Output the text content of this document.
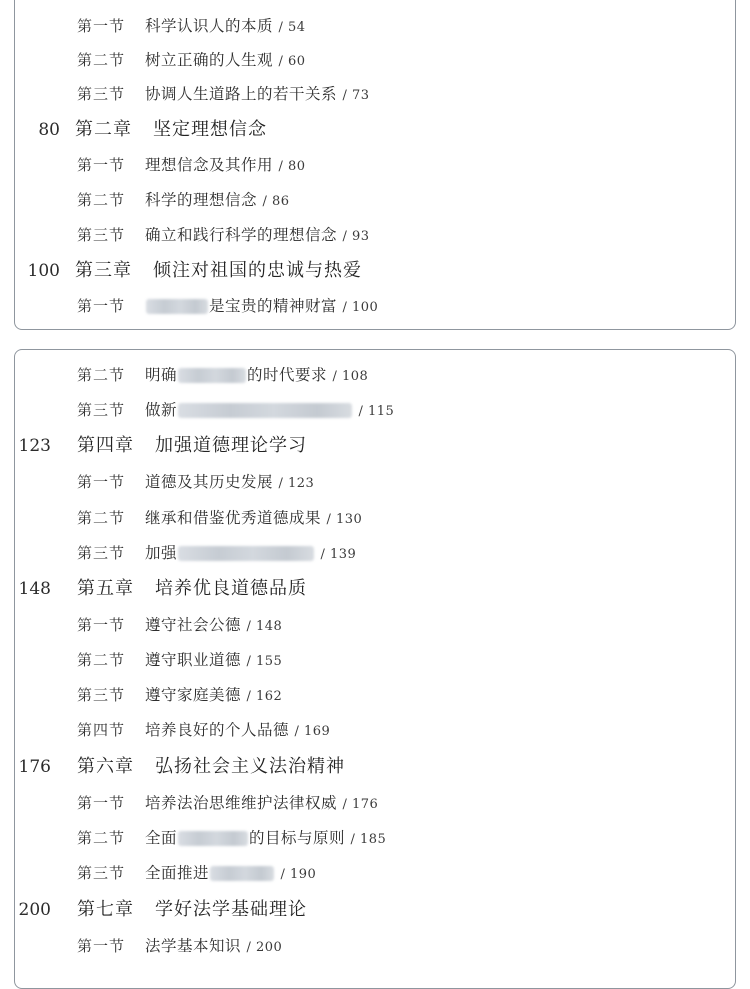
第一节 科学认识人的本质 / 54
第二节 树立正确的人生观 / 60
第三节 协调人生道路上的若干关系 / 73
80 第二章 坚定理想信念
第一节 理想信念及其作用 / 80
第二节 科学的理想信念 / 86
第三节 确立和践行科学的理想信念 / 93
100 第三章 倾注对祖国的忠诚与热爱
第一节	是宝贵的精神财富 / 100
第二节 明确	的时代要求 / 108
第三节 做新	/ 115
123 第四章 加强道德理论学习
第一节 道德及其历史发展 / 123
第二节 继承和借鉴优秀道德成果 / 130
第三节 加强	/ 139
148 第五章 培养优良道德品质
第一节 遵守社会公德 / 148
第二节 遵守职业道德 / 155
第三节 遵守家庭美德 / 162
第四节 培养良好的个人品德 / 169
176 第六章 弘扬社会主义法治精神
第一节 培养法治思维维护法律权威 / 176
第二节 全面	的目标与原则 / 185
第三节 全面推进	/ 190
200 第七章 学好法学基础理论
第一节 法学基本知识 / 200
